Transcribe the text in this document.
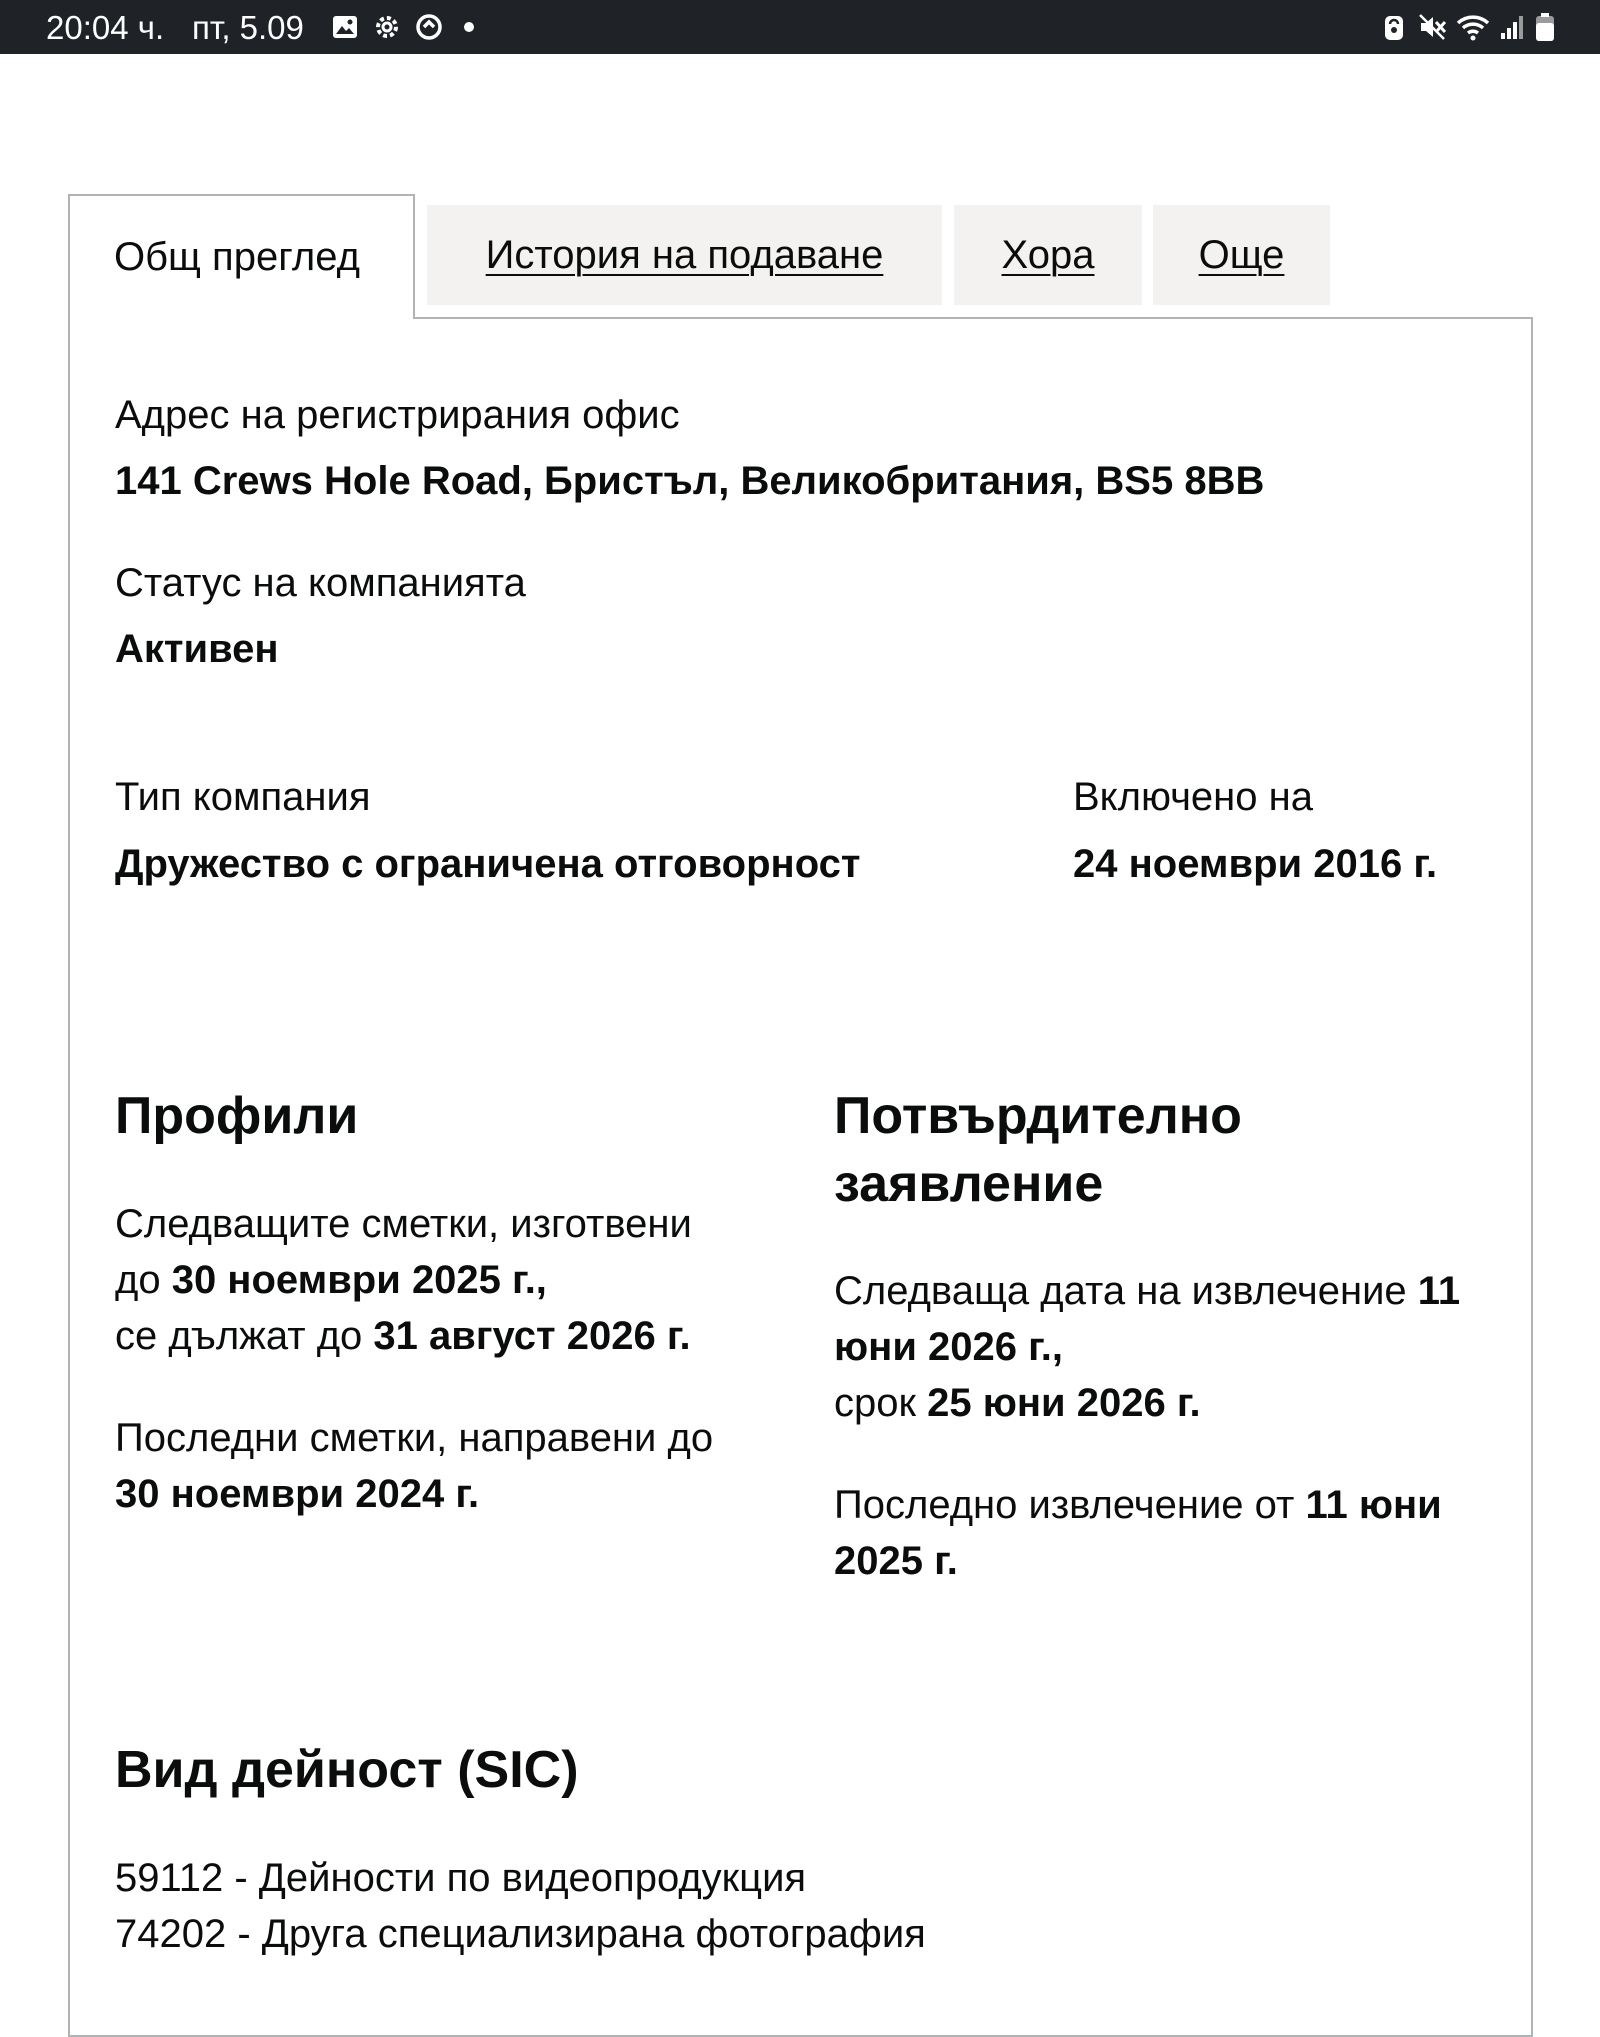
20:04 ч. пт, 5.09
Общ преглед	История на подаване	Хора	Още
Адрес на регистрирания офис
141 Crews Hole Road, Бристъл, Великобритания, BS5 8BB
Статус на компанията
Активен
Тип компания
Дружество с ограничена отговорност
Включено на
24 ноември 2016 г.
Профили
Следващите сметки, изготвени
до 30 ноември 2025 г.,
се дължат до 31 август 2026 г.
Последни сметки, направени до
30 ноември 2024 г.
Потвърдително
заявление
Следваща дата на извлечение 11
юни 2026 г.,
срок 25 юни 2026 г.
Последно извлечение от 11 юни
2025 г.
Вид дейност (SIC)
59112 - Дейности по видеопродукция
74202 - Друга специализирана фотография
